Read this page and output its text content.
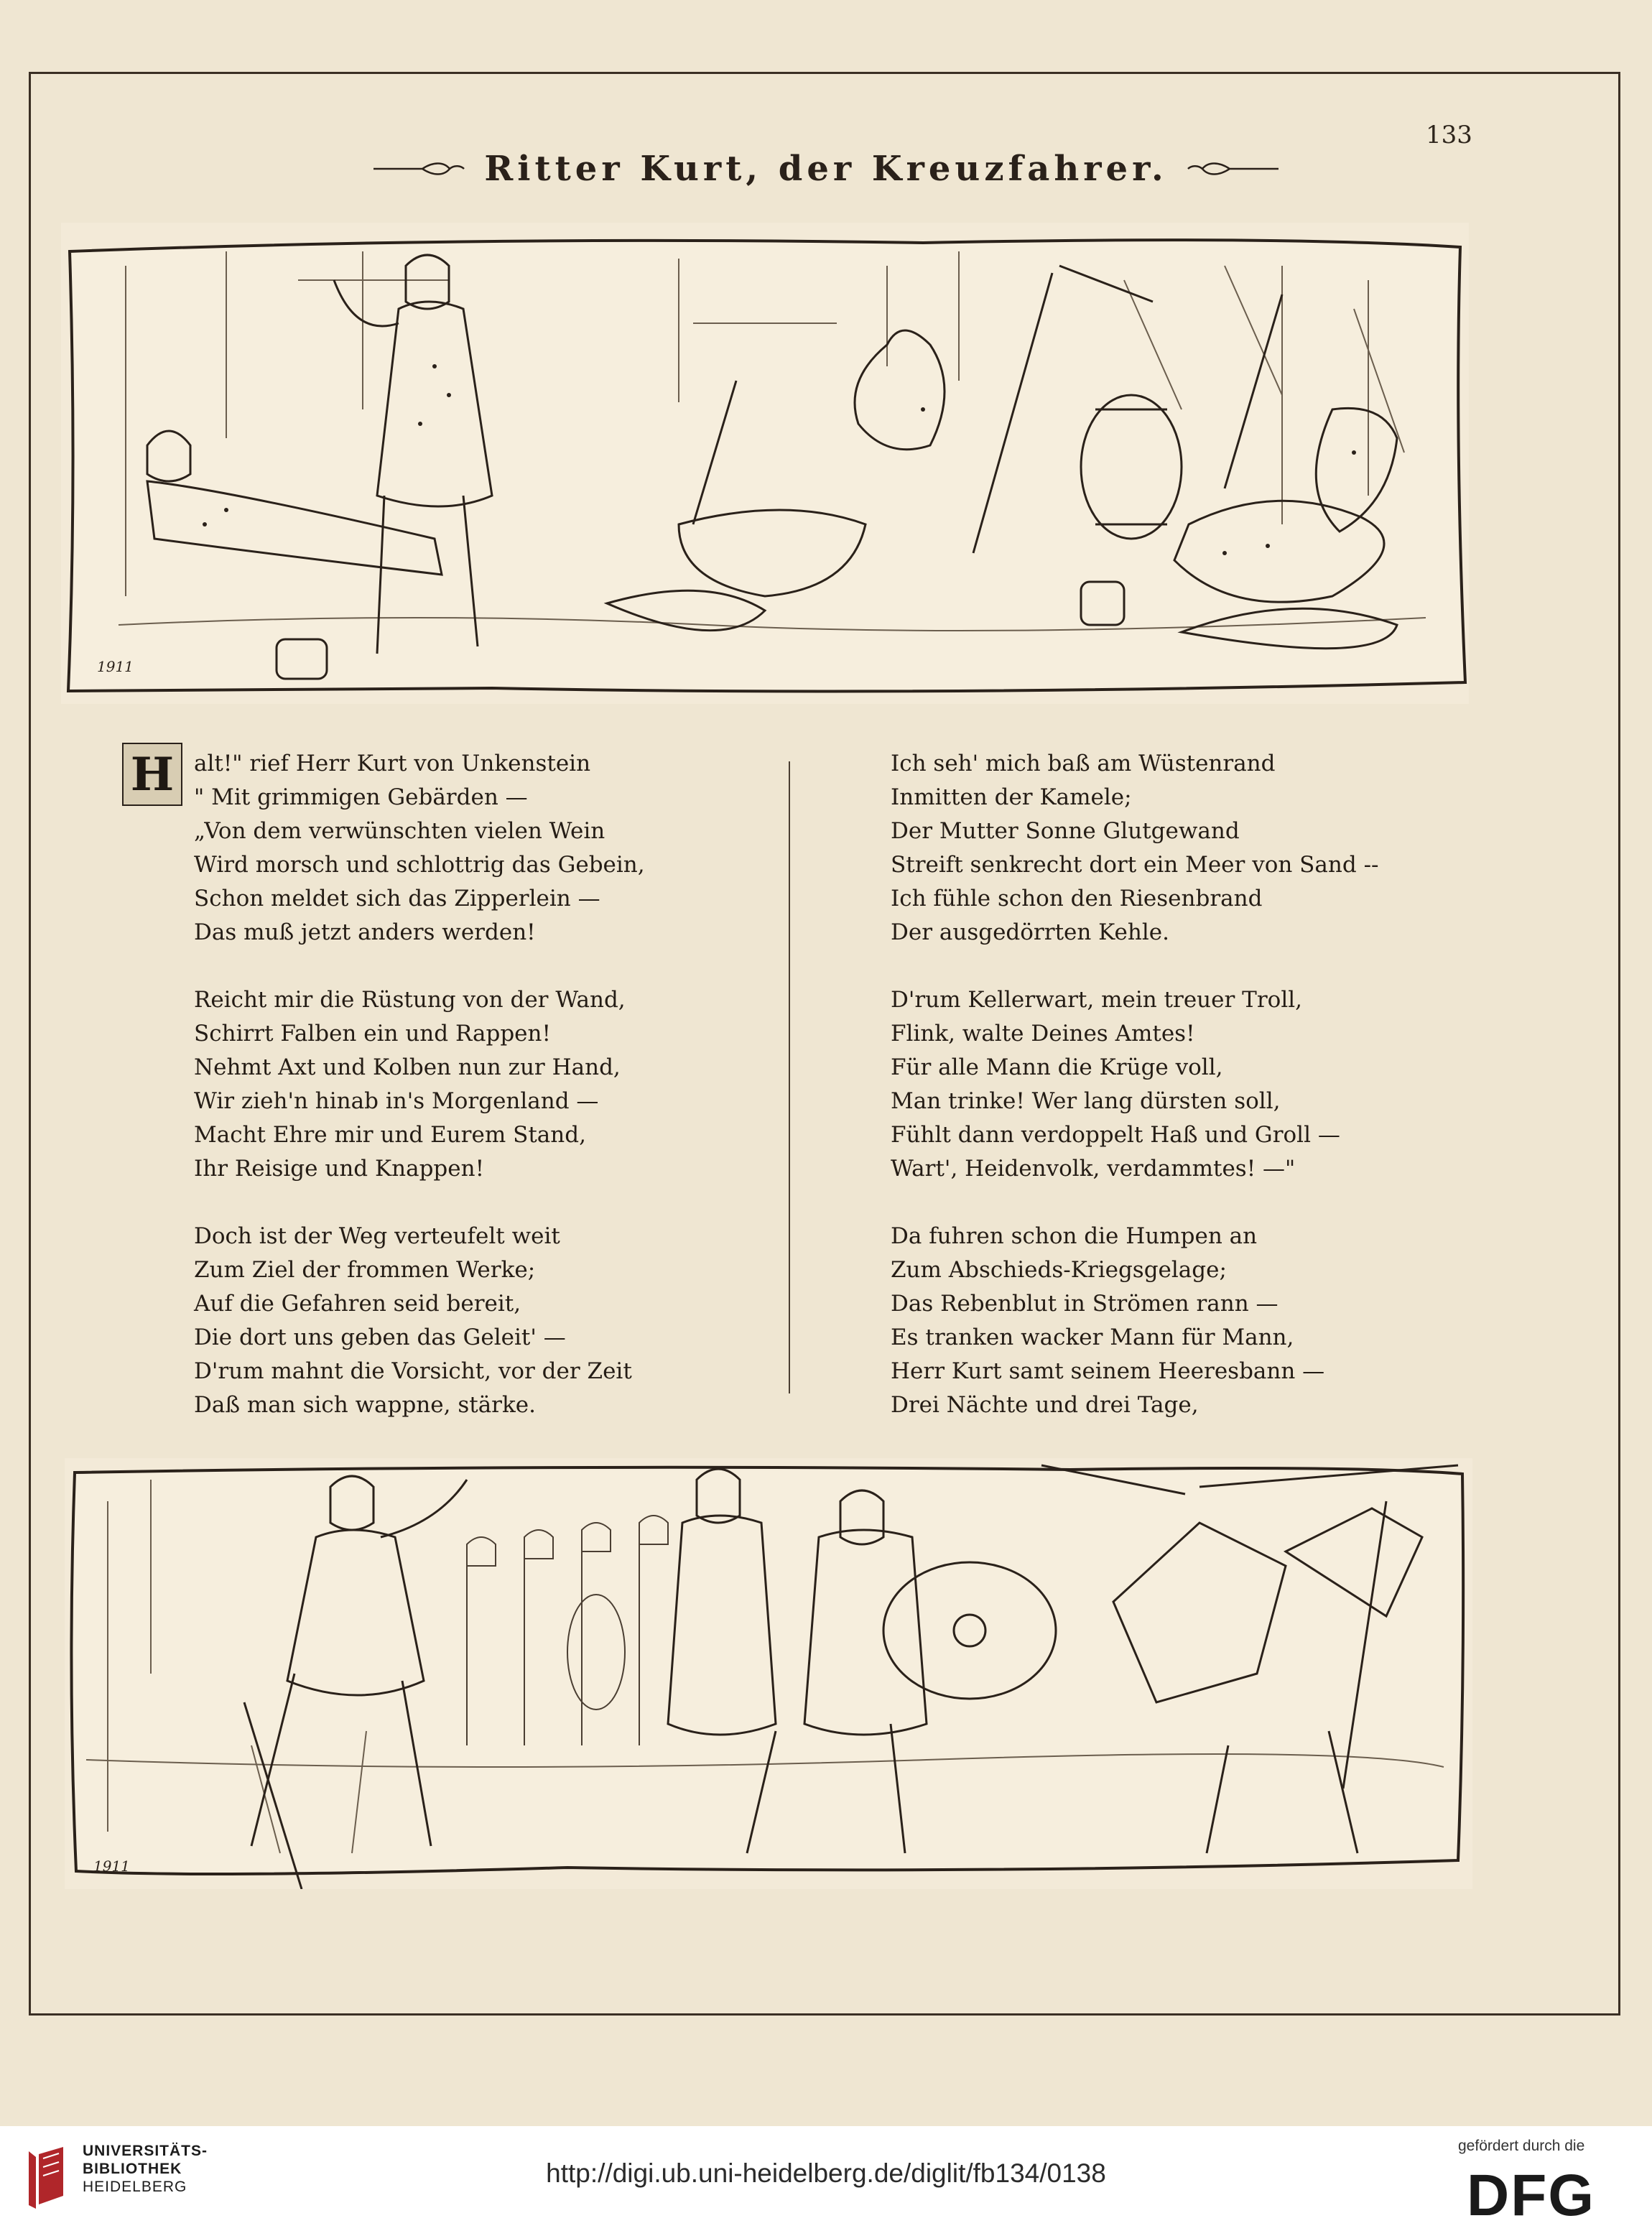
133
Ritter Kurt, der Kreuzfahrer.
1911
H alt!" rief Herr Kurt von Unkenstein
" Mit grimmigen Gebärden —
„Von dem verwünschten vielen Wein
Wird morsch und schlottrig das Gebein,
Schon meldet sich das Zipperlein —
Das muß jetzt anders werden!
Reicht mir die Rüstung von der Wand,
Schirrt Falben ein und Rappen!
Nehmt Axt und Kolben nun zur Hand,
Wir zieh'n hinab in's Morgenland —
Macht Ehre mir und Eurem Stand,
Ihr Reisige und Knappen!
Doch ist der Weg verteufelt weit
Zum Ziel der frommen Werke;
Auf die Gefahren seid bereit,
Die dort uns geben das Geleit' —
D'rum mahnt die Vorsicht, vor der Zeit
Daß man sich wappne, stärke.
Ich seh' mich baß am Wüstenrand
Inmitten der Kamele;
Der Mutter Sonne Glutgewand
Streift senkrecht dort ein Meer von Sand --
Ich fühle schon den Riesenbrand
Der ausgedörrten Kehle.
D'rum Kellerwart, mein treuer Troll,
Flink, walte Deines Amtes!
Für alle Mann die Krüge voll,
Man trinke! Wer lang dürsten soll,
Fühlt dann verdoppelt Haß und Groll —
Wart', Heidenvolk, verdammtes! —"
Da fuhren schon die Humpen an
Zum Abschieds-Kriegsgelage;
Das Rebenblut in Strömen rann —
Es tranken wacker Mann für Mann,
Herr Kurt samt seinem Heeresbann —
Drei Nächte und drei Tage,
1911
UNIVERSITÄTS-
BIBLIOTHEK
HEIDELBERG	http://digi.ub.uni-heidelberg.de/diglit/fb134/0138
gefördert durch die
DFG
